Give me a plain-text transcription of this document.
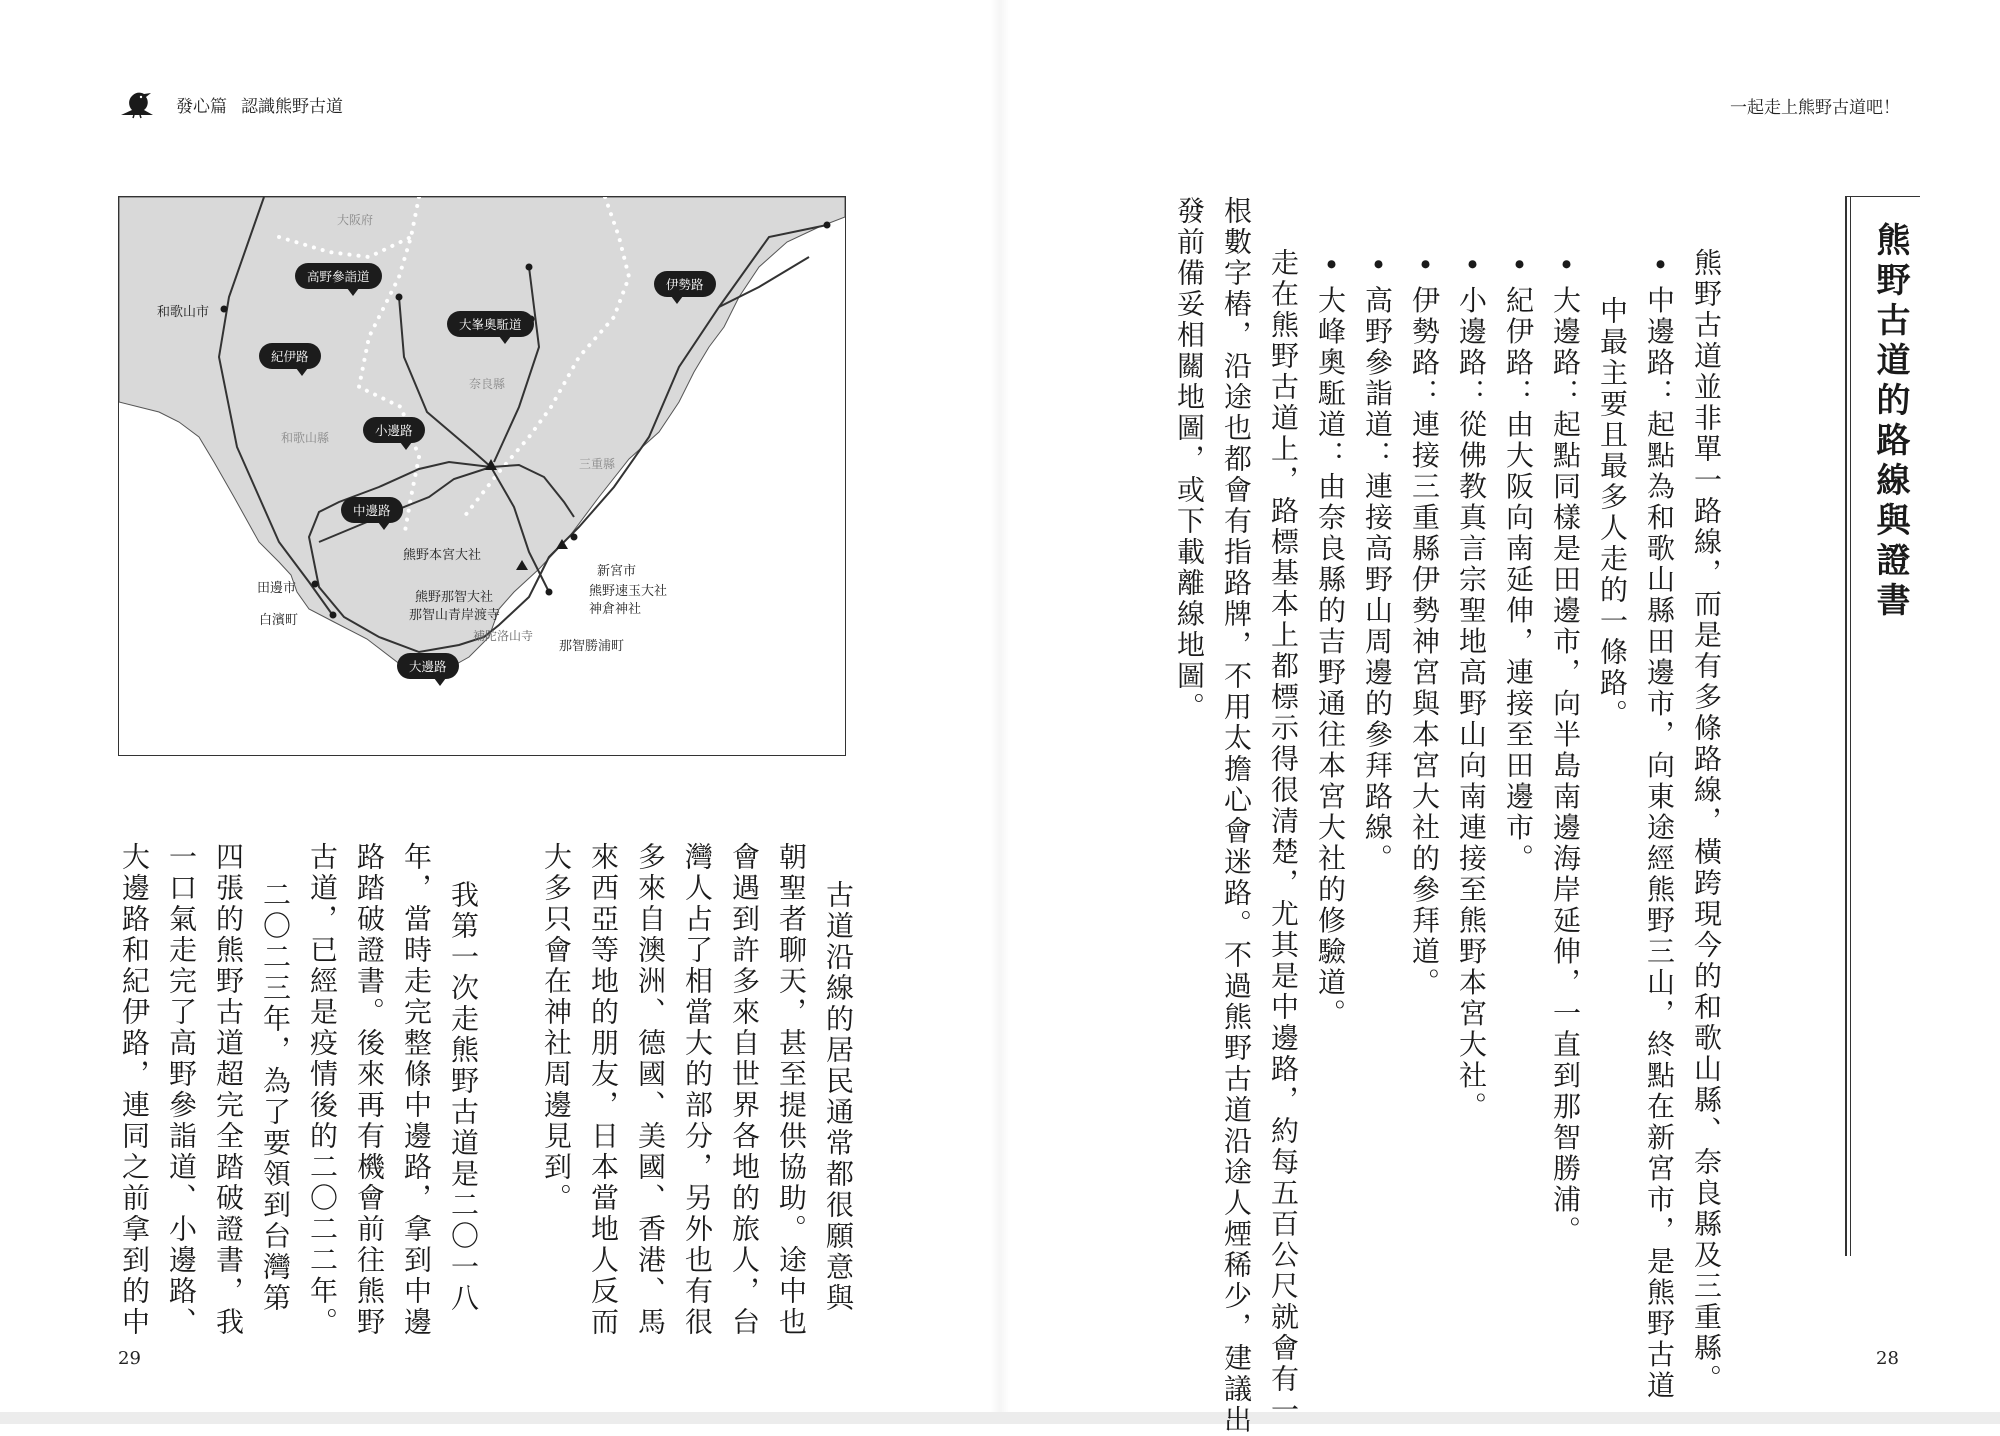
發心篇 認識熊野古道	一起走上熊野古道吧！
大阪府
奈良縣
和歌山縣
三重縣
高野參詣道
大峯奧駈道
伊勢路
紀伊路
小邊路
中邊路
大邊路
和歌山市
熊野本宮大社
新宮市
熊野速玉大社
神倉神社
熊野那智大社
那智山青岸渡寺
補陀洛山寺
那智勝浦町
田邊市
白濱町	熊野古道的路線與證書
熊野古道並非單一路線，而是有多條路線，橫跨現今的和歌山縣、奈良縣及三重縣。
• 中邊路：起點為和歌山縣田邊市，向東途經熊野三山，終點在新宮市，是熊野古道
中最主要且最多人走的一條路。
• 大邊路：起點同樣是田邊市，向半島南邊海岸延伸，一直到那智勝浦。
• 紀伊路：由大阪向南延伸，連接至田邊市。
• 小邊路：從佛教真言宗聖地高野山向南連接至熊野本宮大社。
• 伊勢路：連接三重縣伊勢神宮與本宮大社的參拜道。
• 高野參詣道：連接高野山周邊的參拜路線。
• 大峰奧駈道：由奈良縣的吉野通往本宮大社的修驗道。
走在熊野古道上，路標基本上都標示得很清楚，尤其是中邊路，約每五百公尺就會有一
根數字樁，沿途也都會有指路牌，不用太擔心會迷路。不過熊野古道沿途人煙稀少，建議出
發前備妥相關地圖，或下載離線地圖。
古道沿線的居民通常都很願意與
朝聖者聊天，甚至提供協助。途中也
會遇到許多來自世界各地的旅人，台
灣人占了相當大的部分，另外也有很
多來自澳洲、德國、美國、香港、馬
來西亞等地的朋友，日本當地人反而
大多只會在神社周邊見到。
我第一次走熊野古道是二〇一八
年，當時走完整條中邊路，拿到中邊
路踏破證書。後來再有機會前往熊野
古道，已經是疫情後的二〇二二年。
二〇二三年，為了要領到台灣第
四張的熊野古道超完全踏破證書，我
一口氣走完了高野參詣道、小邊路、
大邊路和紀伊路，連同之前拿到的中
29	28
